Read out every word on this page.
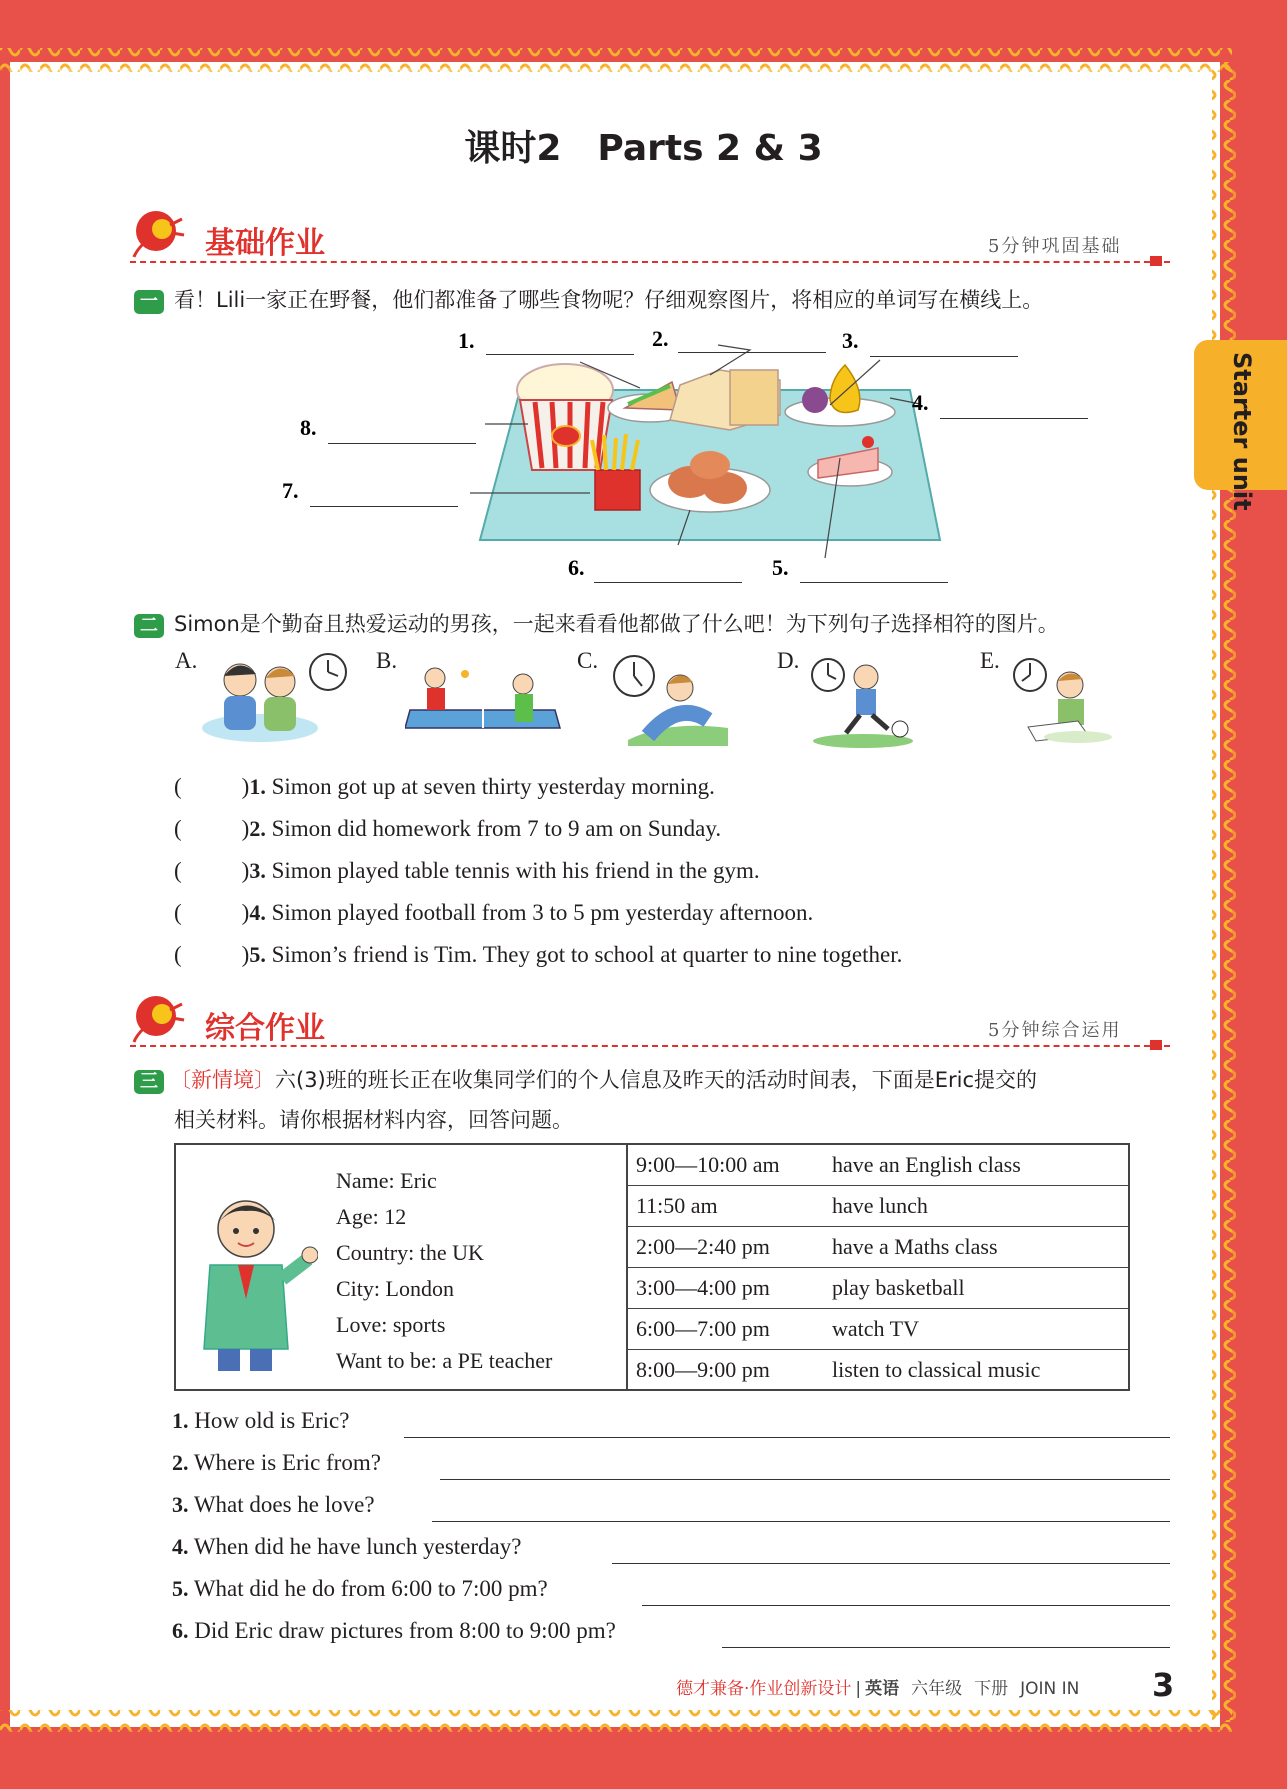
Starter unit
课时2　Parts 2 & 3
基础作业	5分钟巩固基础
一 看！Lili一家正在野餐，他们都准备了哪些食物呢？仔细观察图片，将相应的单词写在横线上。
1.	2.	3.
4.
8.
7.
6.	5.
二 Simon是个勤奋且热爱运动的男孩，一起来看看他都做了什么吧！为下列句子选择相符的图片。
A.	B.	C.	D.	E.
(	)1. Simon got up at seven thirty yesterday morning.
(	)2. Simon did homework from 7 to 9 am on Sunday.
(	)3. Simon played table tennis with his friend in the gym.
(	)4. Simon played football from 3 to 5 pm yesterday afternoon.
(	)5. Simon’s friend is Tim. They got to school at quarter to nine together.
综合作业	5分钟综合运用
三 〔新情境〕六(3)班的班长正在收集同学们的个人信息及昨天的活动时间表，下面是Eric提交的
相关材料。请你根据材料内容，回答问题。
Name: Eric
Age: 12
Country: the UK
City: London
Love: sports
Want to be: a PE teacher
9:00—10:00 am	have an English class
11:50 am	have lunch
2:00—2:40 pm	have a Maths class
3:00—4:00 pm	play basketball
6:00—7:00 pm	watch TV
8:00—9:00 pm	listen to classical music
1. How old is Eric?
2. Where is Eric from?
3. What does he love?
4. When did he have lunch yesterday?
5. What did he do from 6:00 to 7:00 pm?
6. Did Eric draw pictures from 8:00 to 9:00 pm?
德才兼备·作业创新设计 | 英语 六年级 下册 JOIN IN 3
